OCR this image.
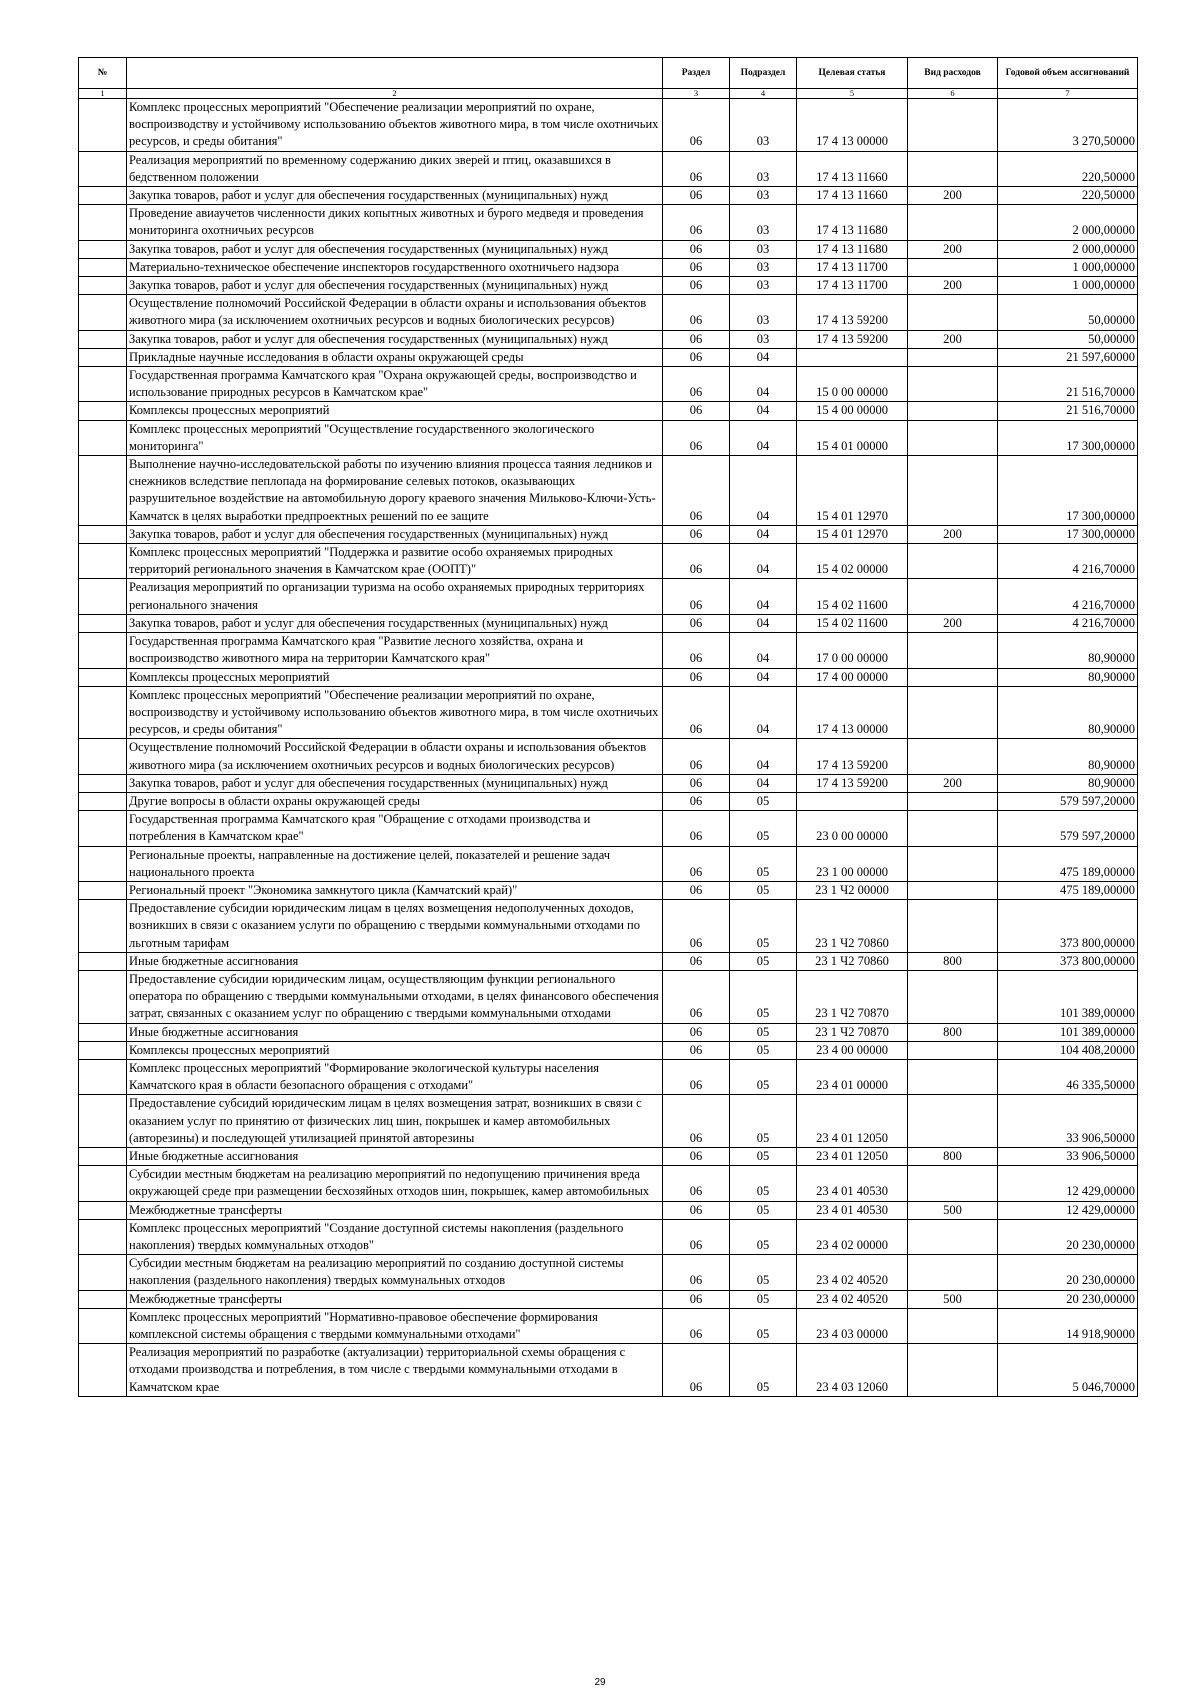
№		Раздел	Подраздел	Целевая статья	Вид расходов	Годовой объем ассигнований
1	2	3	4	5	6	7
	Комплекс процессных мероприятий "Обеспечение реализации мероприятий по охране, воспроизводству и устойчивому использованию объектов животного мира, в том числе охотничьих ресурсов, и среды обитания"	06	03	17 4 13 00000		3 270,50000
	Реализация мероприятий по временному содержанию диких зверей и птиц, оказавшихся в бедственном положении	06	03	17 4 13 11660		220,50000
	Закупка товаров, работ и услуг для обеспечения государственных (муниципальных) нужд	06	03	17 4 13 11660	200	220,50000
	Проведение авиаучетов численности диких копытных животных и бурого медведя и проведения мониторинга охотничьих ресурсов	06	03	17 4 13 11680		2 000,00000
	Закупка товаров, работ и услуг для обеспечения государственных (муниципальных) нужд	06	03	17 4 13 11680	200	2 000,00000
	Материально-техническое обеспечение инспекторов государственного охотничьего надзора	06	03	17 4 13 11700		1 000,00000
	Закупка товаров, работ и услуг для обеспечения государственных (муниципальных) нужд	06	03	17 4 13 11700	200	1 000,00000
	Осуществление полномочий Российской Федерации в области охраны и использования объектов животного мира (за исключением охотничьих ресурсов и водных биологических ресурсов)	06	03	17 4 13 59200		50,00000
	Закупка товаров, работ и услуг для обеспечения государственных (муниципальных) нужд	06	03	17 4 13 59200	200	50,00000
	Прикладные научные исследования в области охраны окружающей среды	06	04			21 597,60000
	Государственная программа Камчатского края "Охрана окружающей среды, воспроизводство и использование природных ресурсов в Камчатском крае"	06	04	15 0 00 00000		21 516,70000
	Комплексы процессных мероприятий	06	04	15 4 00 00000		21 516,70000
	Комплекс процессных мероприятий "Осуществление государственного экологического мониторинга"	06	04	15 4 01 00000		17 300,00000
	Выполнение научно-исследовательской работы по изучению влияния процесса таяния ледников и снежников вследствие пеплопада на формирование селевых потоков, оказывающих разрушительное воздействие на автомобильную дорогу краевого значения Мильково-Ключи-Усть-Камчатск в целях выработки предпроектных решений по ее защите	06	04	15 4 01 12970		17 300,00000
	Закупка товаров, работ и услуг для обеспечения государственных (муниципальных) нужд	06	04	15 4 01 12970	200	17 300,00000
	Комплекс процессных мероприятий "Поддержка и развитие особо охраняемых природных территорий регионального значения в Камчатском крае (ООПТ)"	06	04	15 4 02 00000		4 216,70000
	Реализация мероприятий по организации туризма на особо охраняемых природных территориях регионального значения	06	04	15 4 02 11600		4 216,70000
	Закупка товаров, работ и услуг для обеспечения государственных (муниципальных) нужд	06	04	15 4 02 11600	200	4 216,70000
	Государственная программа Камчатского края "Развитие лесного хозяйства, охрана и воспроизводство животного мира на территории Камчатского края"	06	04	17 0 00 00000		80,90000
	Комплексы процессных мероприятий	06	04	17 4 00 00000		80,90000
	Комплекс процессных мероприятий "Обеспечение реализации мероприятий по охране, воспроизводству и устойчивому использованию объектов животного мира, в том числе охотничьих ресурсов, и среды обитания"	06	04	17 4 13 00000		80,90000
	Осуществление полномочий Российской Федерации в области охраны и использования объектов животного мира (за исключением охотничьих ресурсов и водных биологических ресурсов)	06	04	17 4 13 59200		80,90000
	Закупка товаров, работ и услуг для обеспечения государственных (муниципальных) нужд	06	04	17 4 13 59200	200	80,90000
	Другие вопросы в области охраны окружающей среды	06	05			579 597,20000
	Государственная программа Камчатского края "Обращение с отходами производства и потребления в Камчатском крае"	06	05	23 0 00 00000		579 597,20000
	Региональные проекты, направленные на достижение целей, показателей и решение задач национального проекта	06	05	23 1 00 00000		475 189,00000
	Региональный проект "Экономика замкнутого цикла (Камчатский край)"	06	05	23 1 Ч2 00000		475 189,00000
	Предоставление субсидии юридическим лицам в целях возмещения недополученных доходов, возникших в связи с оказанием услуги по обращению с твердыми коммунальными отходами по льготным тарифам	06	05	23 1 Ч2 70860		373 800,00000
	Иные бюджетные ассигнования	06	05	23 1 Ч2 70860	800	373 800,00000
	Предоставление субсидии юридическим лицам, осуществляющим функции регионального оператора по обращению с твердыми коммунальными отходами, в целях финансового обеспечения затрат, связанных с оказанием услуг по обращению с твердыми коммунальными отходами	06	05	23 1 Ч2 70870		101 389,00000
	Иные бюджетные ассигнования	06	05	23 1 Ч2 70870	800	101 389,00000
	Комплексы процессных мероприятий	06	05	23 4 00 00000		104 408,20000
	Комплекс процессных мероприятий "Формирование экологической культуры населения Камчатского края в области безопасного обращения с отходами"	06	05	23 4 01 00000		46 335,50000
	Предоставление субсидий юридическим лицам в целях возмещения затрат, возникших в связи с оказанием услуг по принятию от физических лиц шин, покрышек и камер автомобильных (авторезины) и последующей утилизацией принятой авторезины	06	05	23 4 01 12050		33 906,50000
	Иные бюджетные ассигнования	06	05	23 4 01 12050	800	33 906,50000
	Субсидии местным бюджетам на реализацию мероприятий по недопущению причинения вреда окружающей среде при размещении бесхозяйных отходов шин, покрышек, камер автомобильных	06	05	23 4 01 40530		12 429,00000
	Межбюджетные трансферты	06	05	23 4 01 40530	500	12 429,00000
	Комплекс процессных мероприятий "Создание доступной системы накопления (раздельного накопления) твердых коммунальных отходов"	06	05	23 4 02 00000		20 230,00000
	Субсидии местным бюджетам на реализацию мероприятий по созданию доступной системы накопления (раздельного накопления) твердых коммунальных отходов	06	05	23 4 02 40520		20 230,00000
	Межбюджетные трансферты	06	05	23 4 02 40520	500	20 230,00000
	Комплекс процессных мероприятий "Нормативно-правовое обеспечение формирования комплексной системы обращения с твердыми коммунальными отходами"	06	05	23 4 03 00000		14 918,90000
	Реализация мероприятий по разработке (актуализации) территориальной схемы обращения с отходами производства и потребления, в том числе с твердыми коммунальными отходами в Камчатском крае	06	05	23 4 03 12060		5 046,70000
29
